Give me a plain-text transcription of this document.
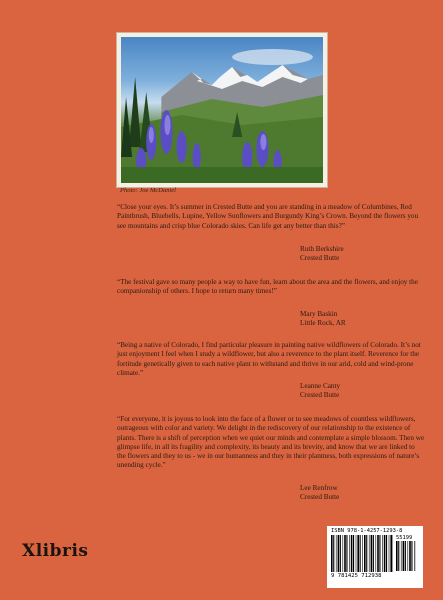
Photo: Joe McDaniel
“Close your eyes. It’s summer in Crested Butte and you are standing in a meadow of Columbines, Red Paintbrush, Bluebells, Lupine, Yellow Sunflowers and Burgundy King’s Crown. Beyond the flowers you see mountains and crisp blue Colorado skies. Can life get any better than this?”
Ruth Berkshire
Crested Butte
“The festival gave so many people a way to have fun, learn about the area and the flowers, and enjoy the companionship of others. I hope to return many times!”
Mary Baskin
Little Rock, AR
“Being a native of Colorado, I find particular pleasure in painting native wildflowers of Colorado. It’s not just enjoyment I feel when I study a wildflower, but also a reverence to the plant itself. Reverence for the fortitude genetically given to each native plant to withstand and thrive in our arid, cold and wind-prone climate.”
Leanne Canty
Crested Butte
“For everyone, it is joyous to look into the face of a flower or to see meadows of countless wildflowers, outrageous with color and variety. We delight in the rediscovery of our relationship to the existence of plants. There is a shift of perception when we quiet our minds and contemplate a simple blossom. Then we glimpse life, in all its fragility and complexity, its beauty and its brevity, and know that we are linked to the flowers and they to us - we in our humanness and they in their plantness, both expressions of nature’s unending cycle.”
Lee Renfrow
Crested Butte
Xlibris
ISBN 978-1-4257-1293-8
55199
9 781425 712938
